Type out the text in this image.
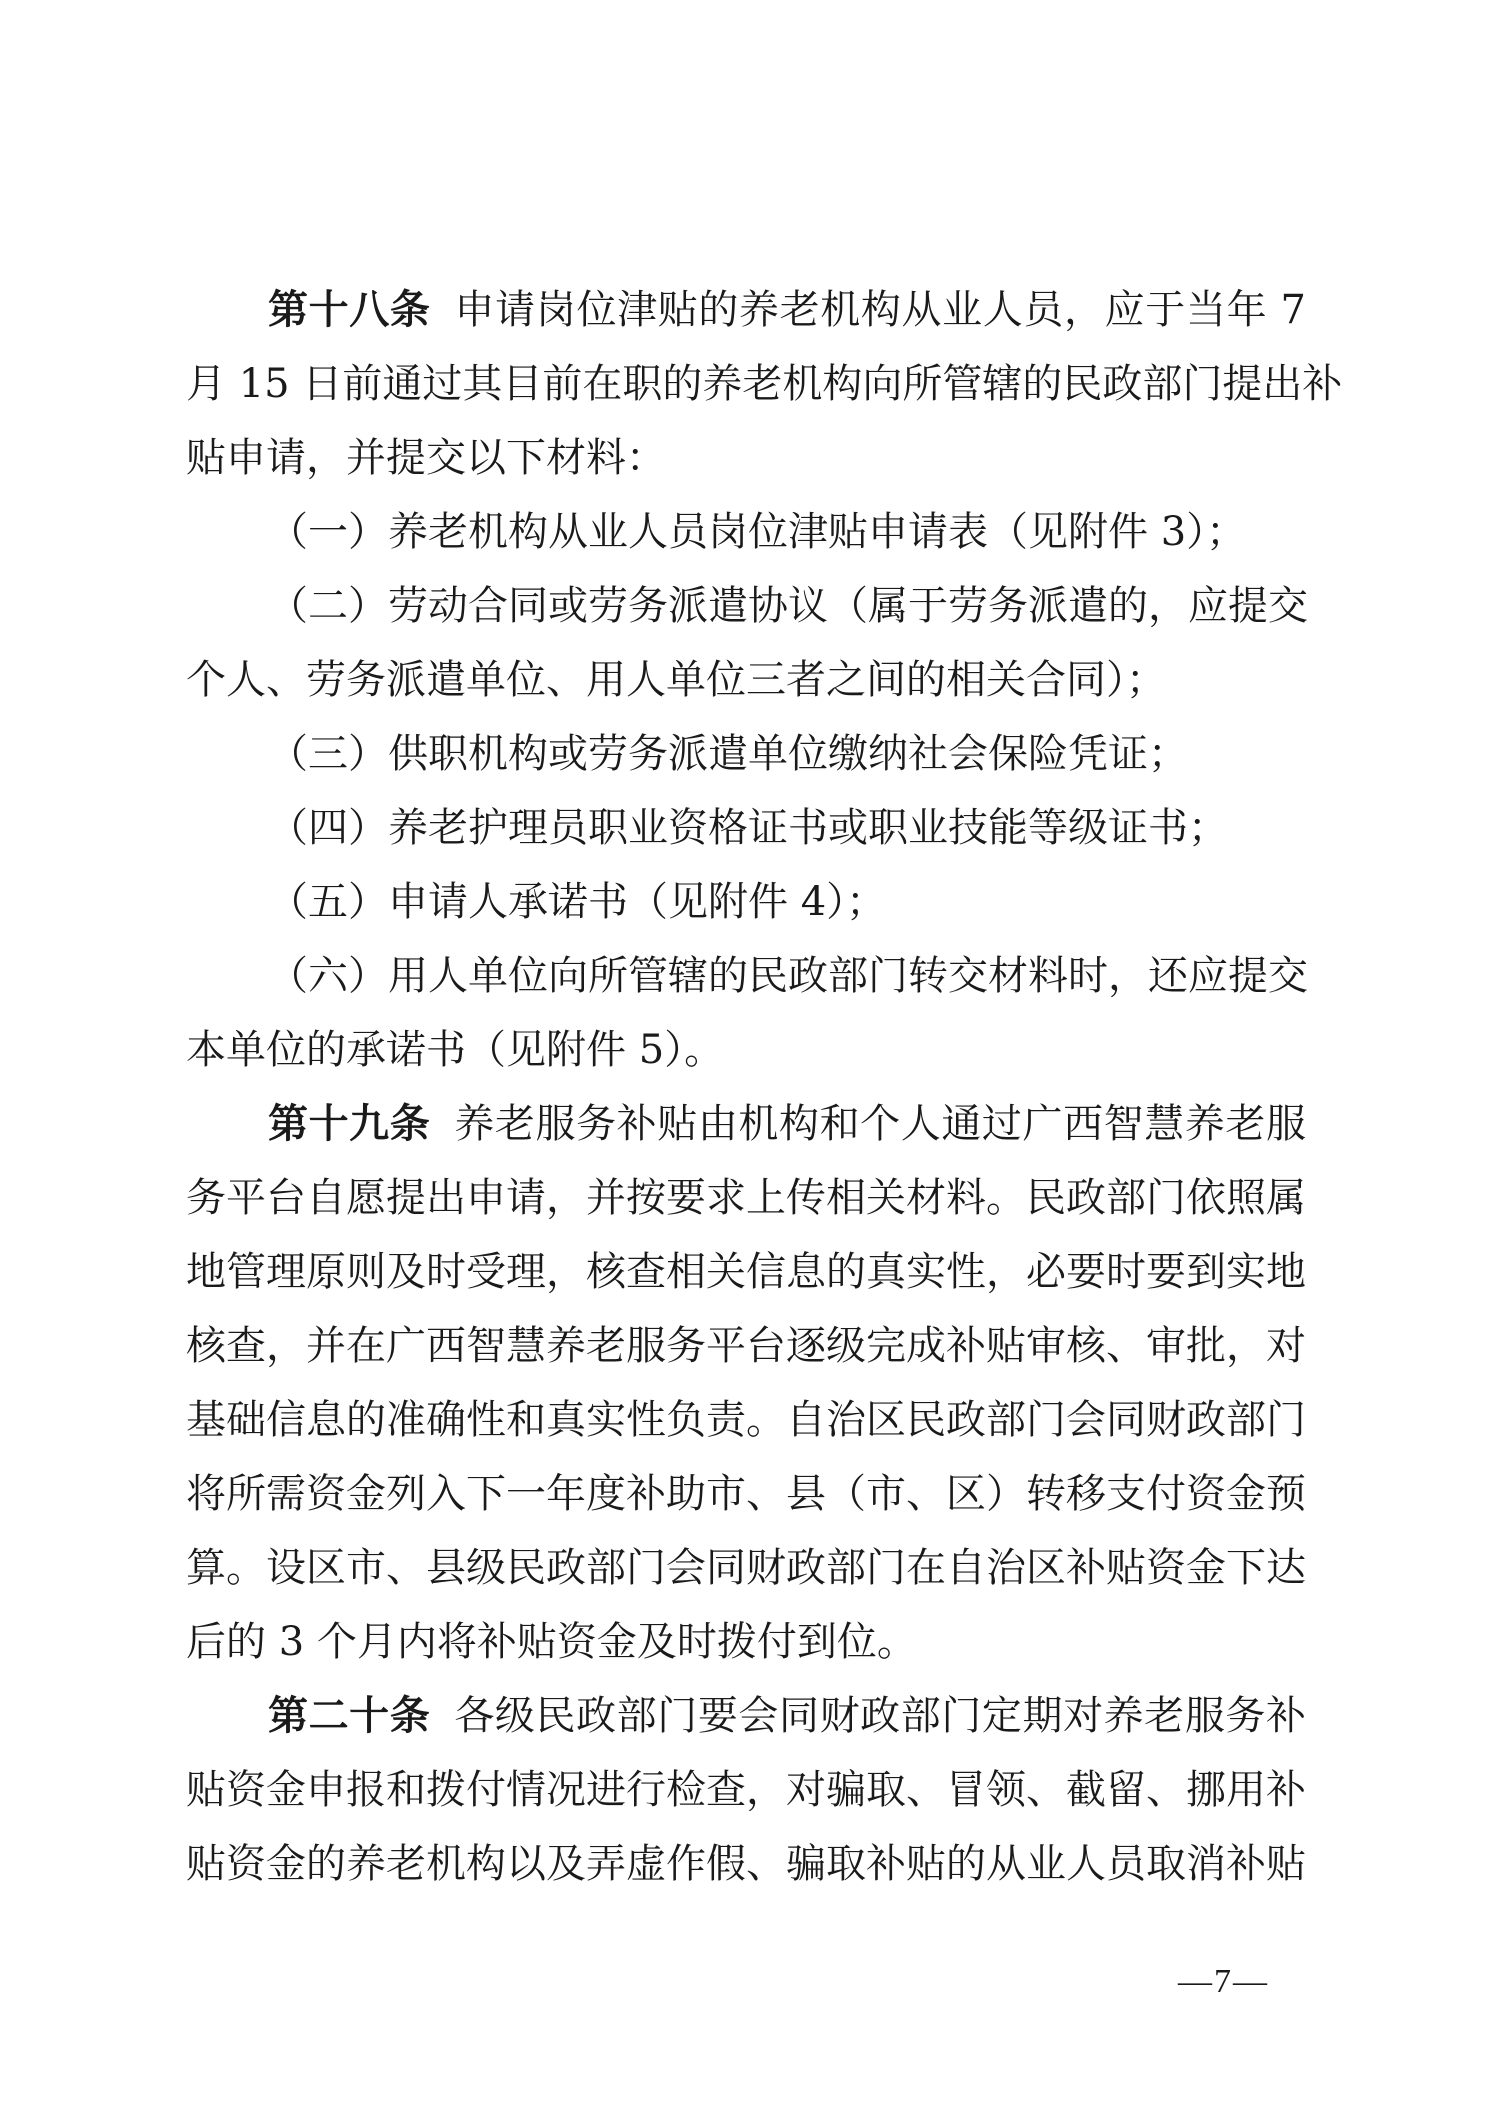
第十八条 申请岗位津贴的养老机构从业人员，应于当年 7
月 15 日前通过其目前在职的养老机构向所管辖的民政部门提出补
贴申请，并提交以下材料：
（一）养老机构从业人员岗位津贴申请表（见附件 3）；
（二）劳动合同或劳务派遣协议（属于劳务派遣的，应提交
个人、劳务派遣单位、用人单位三者之间的相关合同）；
（三）供职机构或劳务派遣单位缴纳社会保险凭证；
（四）养老护理员职业资格证书或职业技能等级证书；
（五）申请人承诺书（见附件 4）；
（六）用人单位向所管辖的民政部门转交材料时，还应提交
本单位的承诺书（见附件 5）。
第十九条 养老服务补贴由机构和个人通过广西智慧养老服
务平台自愿提出申请，并按要求上传相关材料。民政部门依照属
地管理原则及时受理，核查相关信息的真实性，必要时要到实地
核查，并在广西智慧养老服务平台逐级完成补贴审核、审批，对
基础信息的准确性和真实性负责。自治区民政部门会同财政部门
将所需资金列入下一年度补助市、县（市、区）转移支付资金预
算。设区市、县级民政部门会同财政部门在自治区补贴资金下达
后的 3 个月内将补贴资金及时拨付到位。
第二十条 各级民政部门要会同财政部门定期对养老服务补
贴资金申报和拨付情况进行检查，对骗取、冒领、截留、挪用补
贴资金的养老机构以及弄虚作假、骗取补贴的从业人员取消补贴
—7—
